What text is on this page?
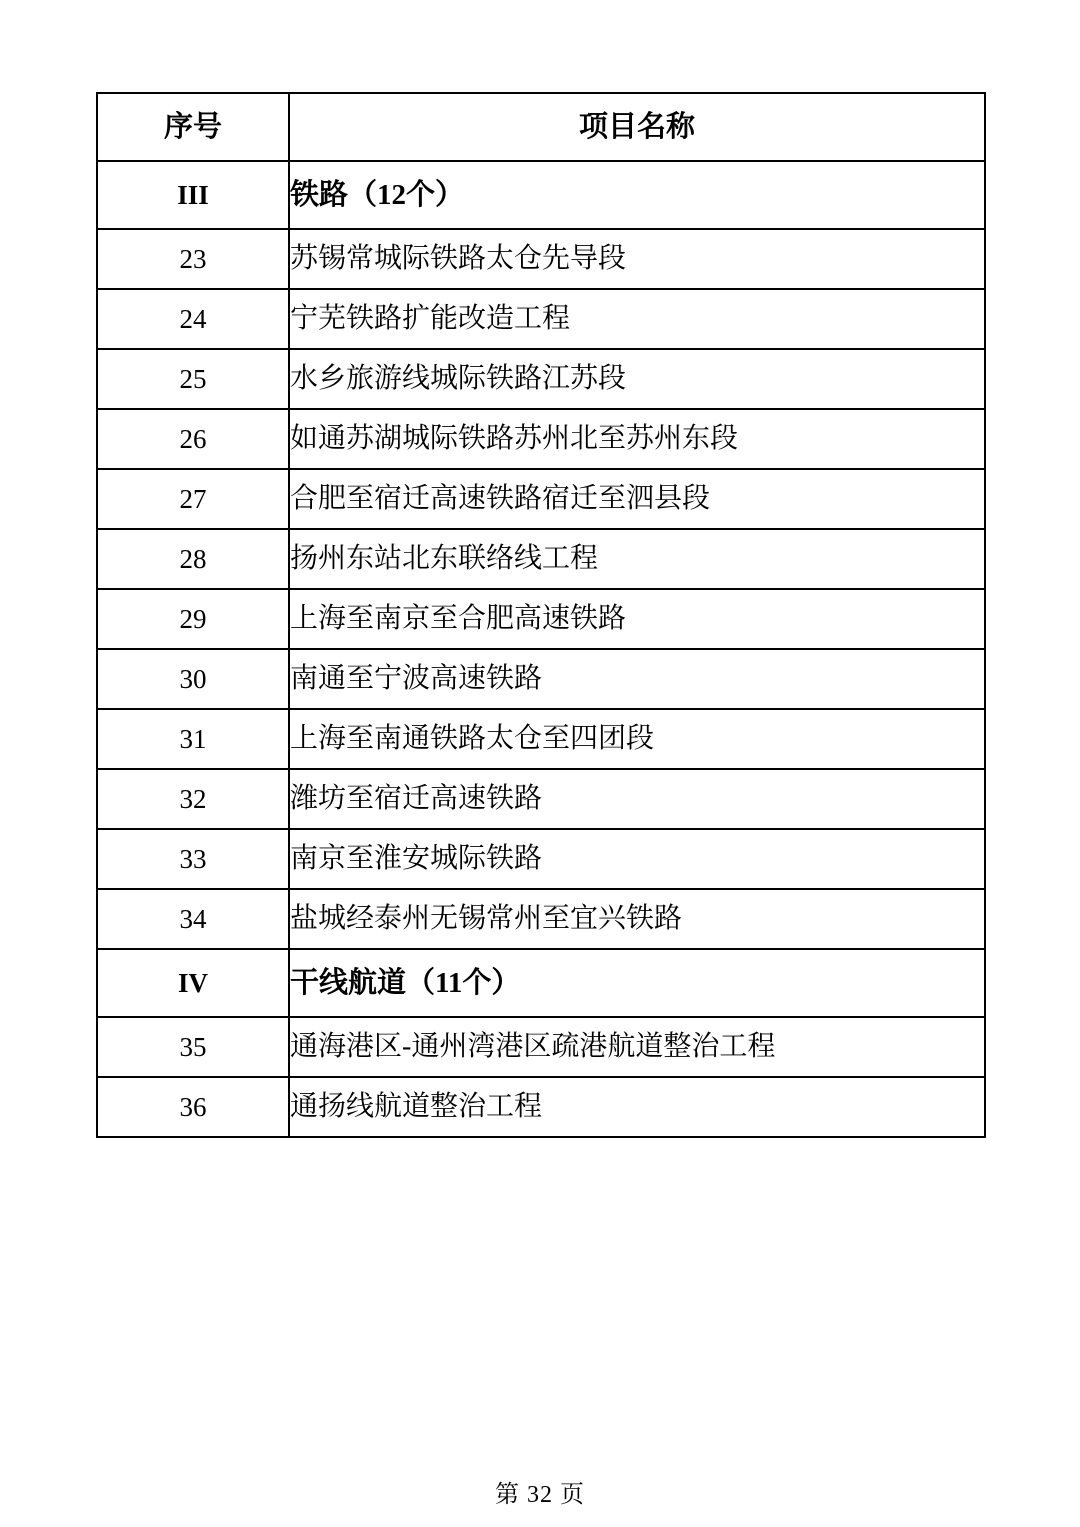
序号	项目名称
III	铁路（12个）
23	苏锡常城际铁路太仓先导段
24	宁芜铁路扩能改造工程
25	水乡旅游线城际铁路江苏段
26	如通苏湖城际铁路苏州北至苏州东段
27	合肥至宿迁高速铁路宿迁至泗县段
28	扬州东站北东联络线工程
29	上海至南京至合肥高速铁路
30	南通至宁波高速铁路
31	上海至南通铁路太仓至四团段
32	潍坊至宿迁高速铁路
33	南京至淮安城际铁路
34	盐城经泰州无锡常州至宜兴铁路
IV	干线航道（11个）
35	通海港区-通州湾港区疏港航道整治工程
36	通扬线航道整治工程
第 32 页
